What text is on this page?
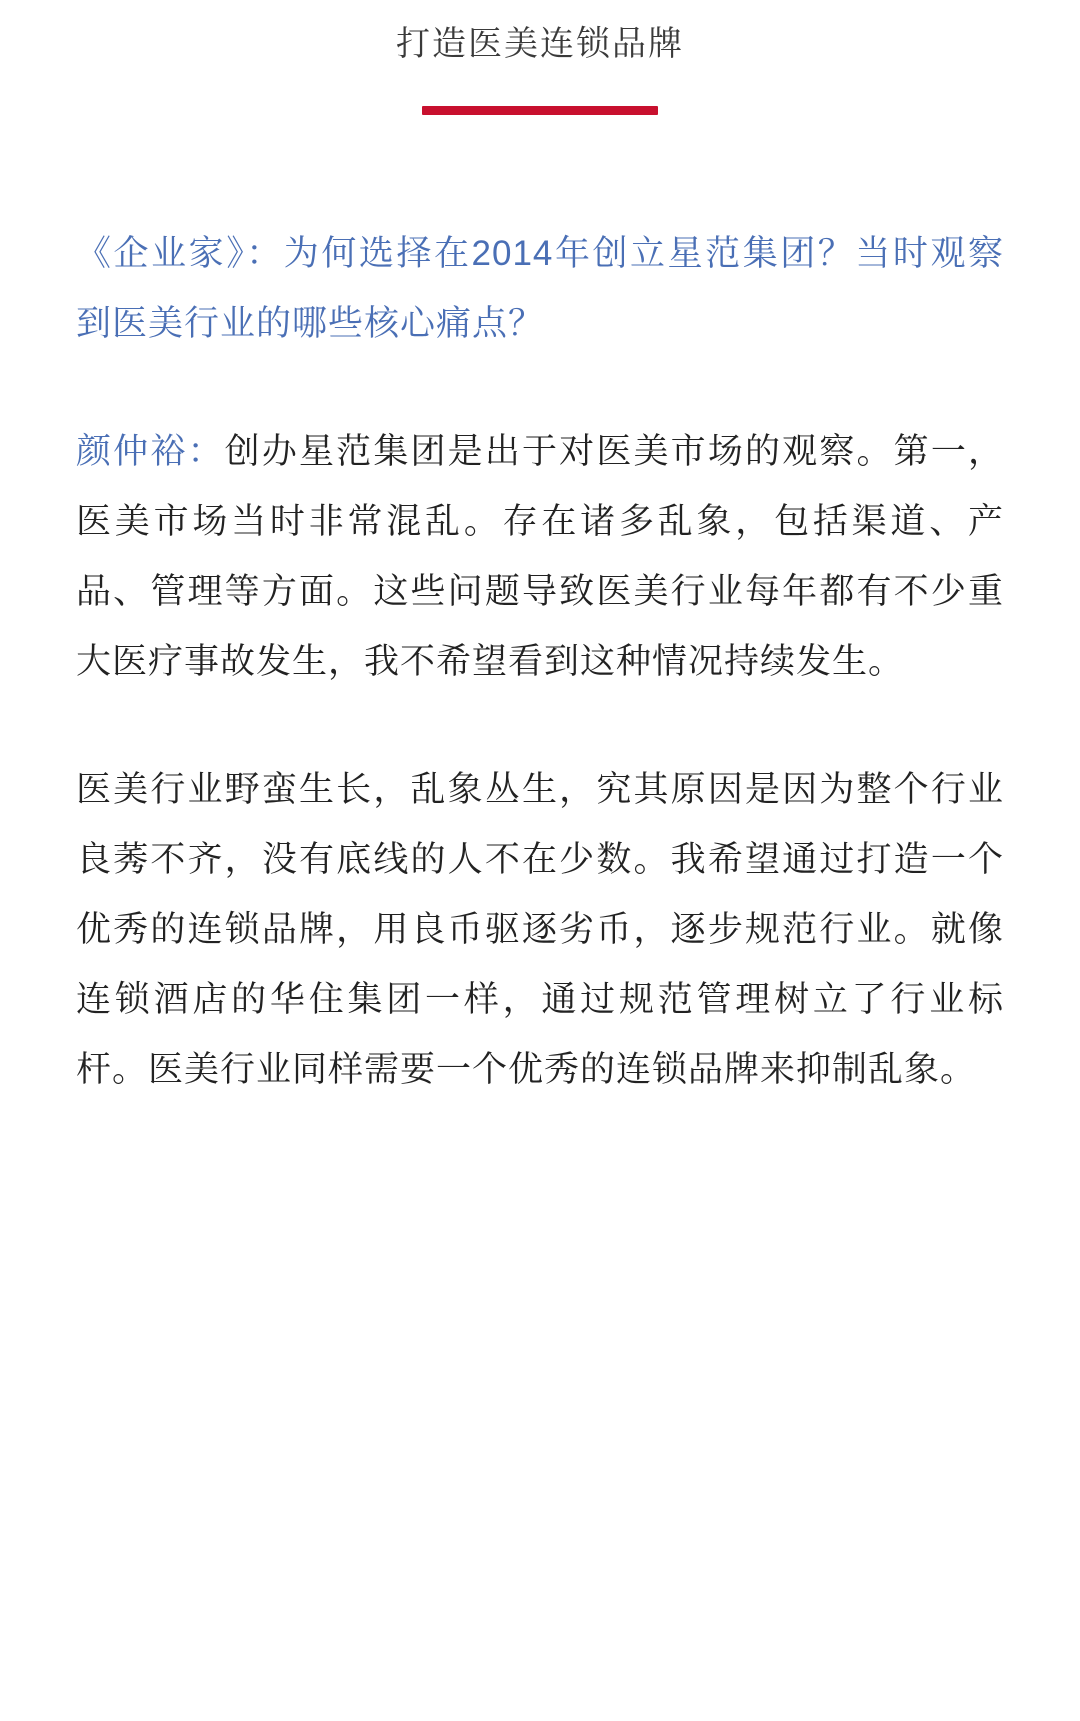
打造医美连锁品牌

《企业家》：为何选择在2014年创立星范集团？当时观察到医美行业的哪些核心痛点？

颜仲裕：创办星范集团是出于对医美市场的观察。第一，医美市场当时非常混乱。存在诸多乱象，包括渠道、产品、管理等方面。这些问题导致医美行业每年都有不少重大医疗事故发生，我不希望看到这种情况持续发生。

医美行业野蛮生长，乱象丛生，究其原因是因为整个行业良莠不齐，没有底线的人不在少数。我希望通过打造一个优秀的连锁品牌，用良币驱逐劣币，逐步规范行业。就像连锁酒店的华住集团一样，通过规范管理树立了行业标杆。医美行业同样需要一个优秀的连锁品牌来抑制乱象。
